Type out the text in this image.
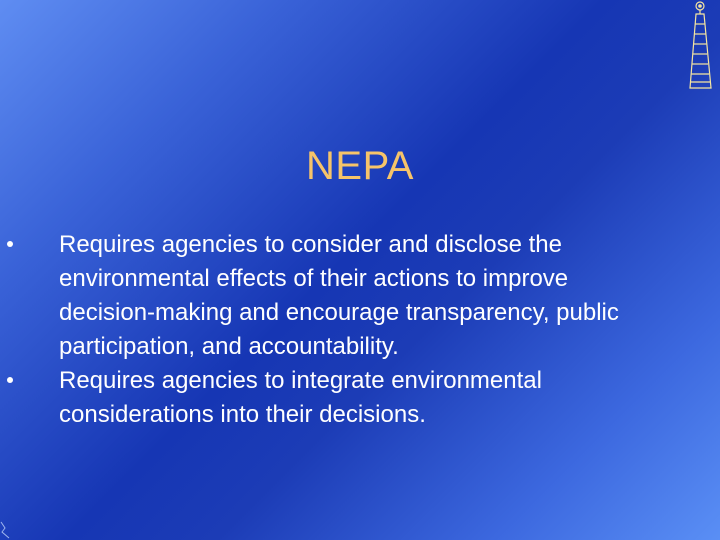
NEPA
Requires agencies to consider and disclose the environmental effects of their actions to improve decision-making and encourage transparency, public participation, and accountability.
Requires agencies to integrate environmental considerations into their decisions.
